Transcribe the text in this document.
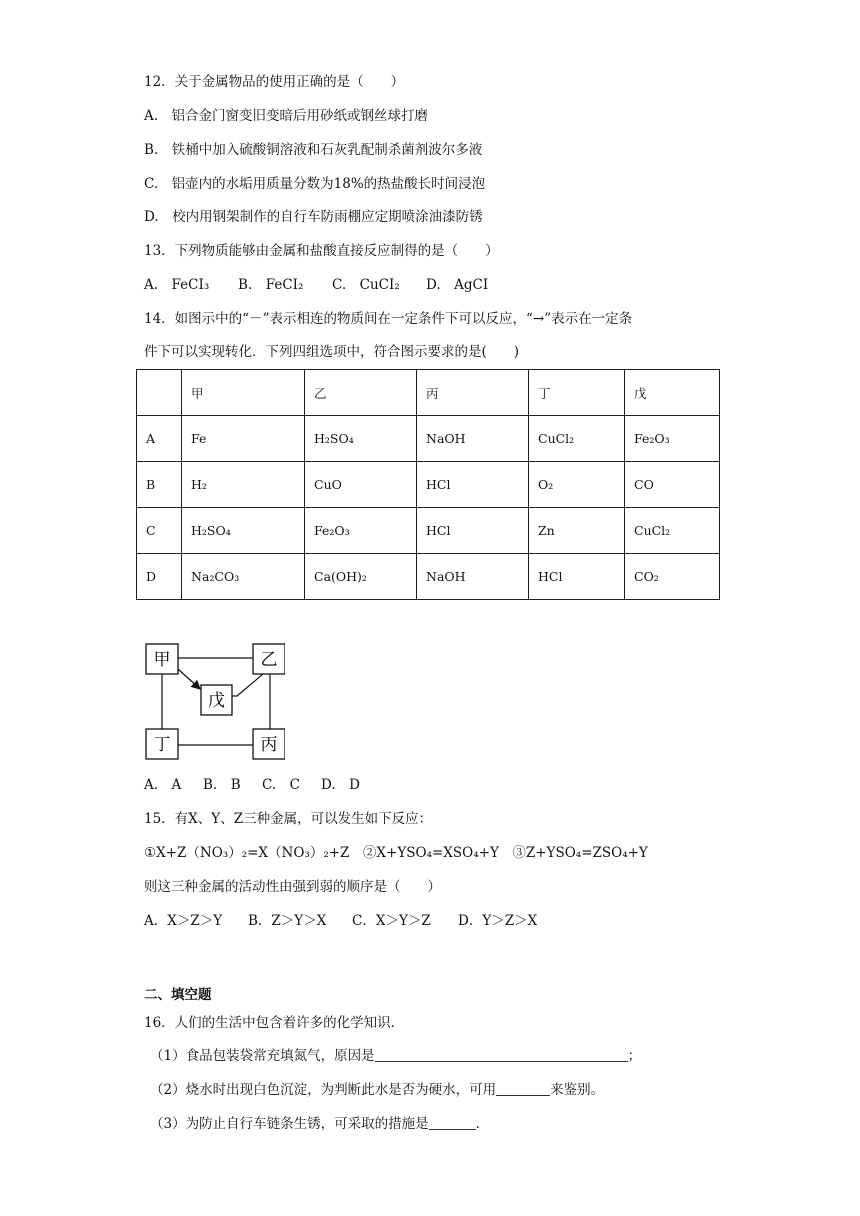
12．关于金属物品的使用正确的是（　　）
A.　铝合金门窗变旧变暗后用砂纸或钢丝球打磨
B.　铁桶中加入硫酸铜溶液和石灰乳配制杀菌剂波尔多液
C.　铝壶内的水垢用质量分数为18%的热盐酸长时间浸泡
D.　校内用钢架制作的自行车防雨棚应定期喷涂油漆防锈
13．下列物质能够由金属和盐酸直接反应制得的是（　　）
A.　FeCI₃ B.　FeCI₂ C.　CuCI₂ D.　AgCI
14．如图示中的“－”表示相连的物质间在一定条件下可以反应，“→”表示在一定条
件下可以实现转化．下列四组选项中，符合图示要求的是(　　)
	甲	乙	丙	丁	戊
A	Fe	H₂SO₄	NaOH	CuCl₂	Fe₂O₃
B	H₂	CuO	HCl	O₂	CO
C	H₂SO₄	Fe₂O₃	HCl	Zn	CuCl₂
D	Na₂CO₃	Ca(OH)₂	NaOH	HCl	CO₂
甲	乙
戊
丁	丙
A.　A B.　B C.　C D.　D
15．有X、Y、Z三种金属，可以发生如下反应：
①X+Z（NO₃）₂=X（NO₃）₂+Z　②X+YSO₄=XSO₄+Y　③Z+YSO₄=ZSO₄+Y
则这三种金属的活动性由强到弱的顺序是（　　）
A．X＞Z＞Y B．Z＞Y＞X C．X＞Y＞Z D．Y＞Z＞X
二、填空题
16．人们的生活中包含着许多的化学知识．
（1）食品包装袋常充填氮气，原因是	；
（2）烧水时出现白色沉淀，为判断此水是否为硬水，可用	来鉴别。
（3）为防止自行车链条生锈，可采取的措施是	.
